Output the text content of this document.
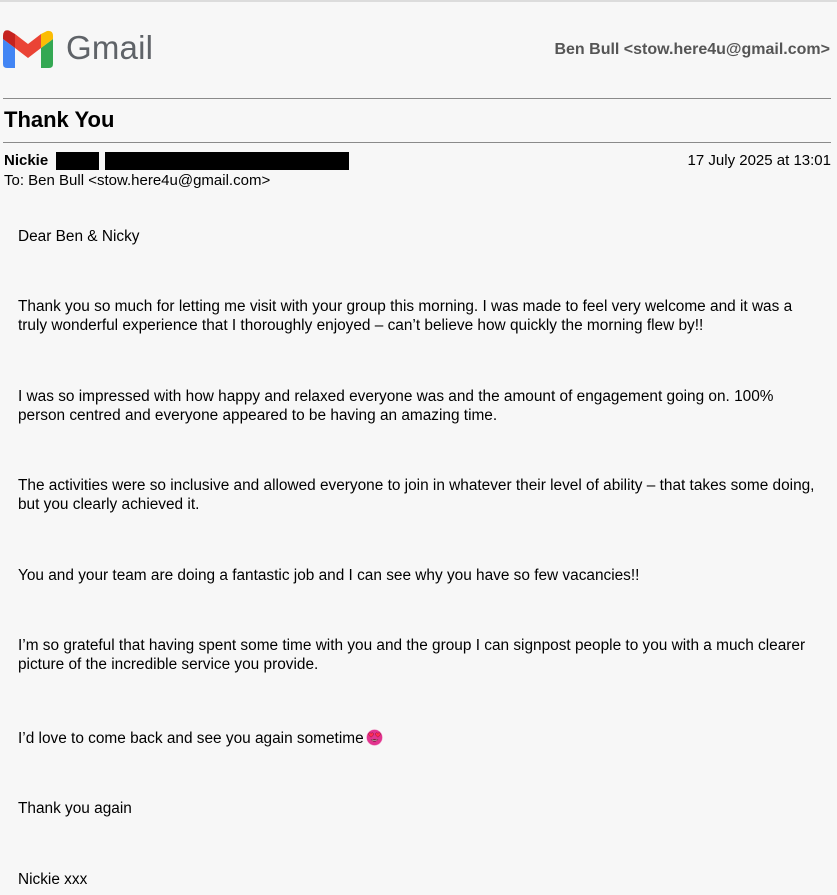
Gmail	Ben Bull <stow.here4u@gmail.com>
Thank You
Nickie	17 July 2025 at 13:01
To: Ben Bull <stow.here4u@gmail.com>

Dear Ben & Nicky

Thank you so much for letting me visit with your group this morning. I was made to feel very welcome and it was a truly wonderful experience that I thoroughly enjoyed – can’t believe how quickly the morning flew by!!

I was so impressed with how happy and relaxed everyone was and the amount of engagement going on. 100% person centred and everyone appeared to be having an amazing time.

The activities were so inclusive and allowed everyone to join in whatever their level of ability – that takes some doing, but you clearly achieved it.

You and your team are doing a fantastic job and I can see why you have so few vacancies!!

I’m so grateful that having spent some time with you and the group I can signpost people to you with a much clearer picture of the incredible service you provide.

I’d love to come back and see you again sometime

Thank you again

Nickie xxx
